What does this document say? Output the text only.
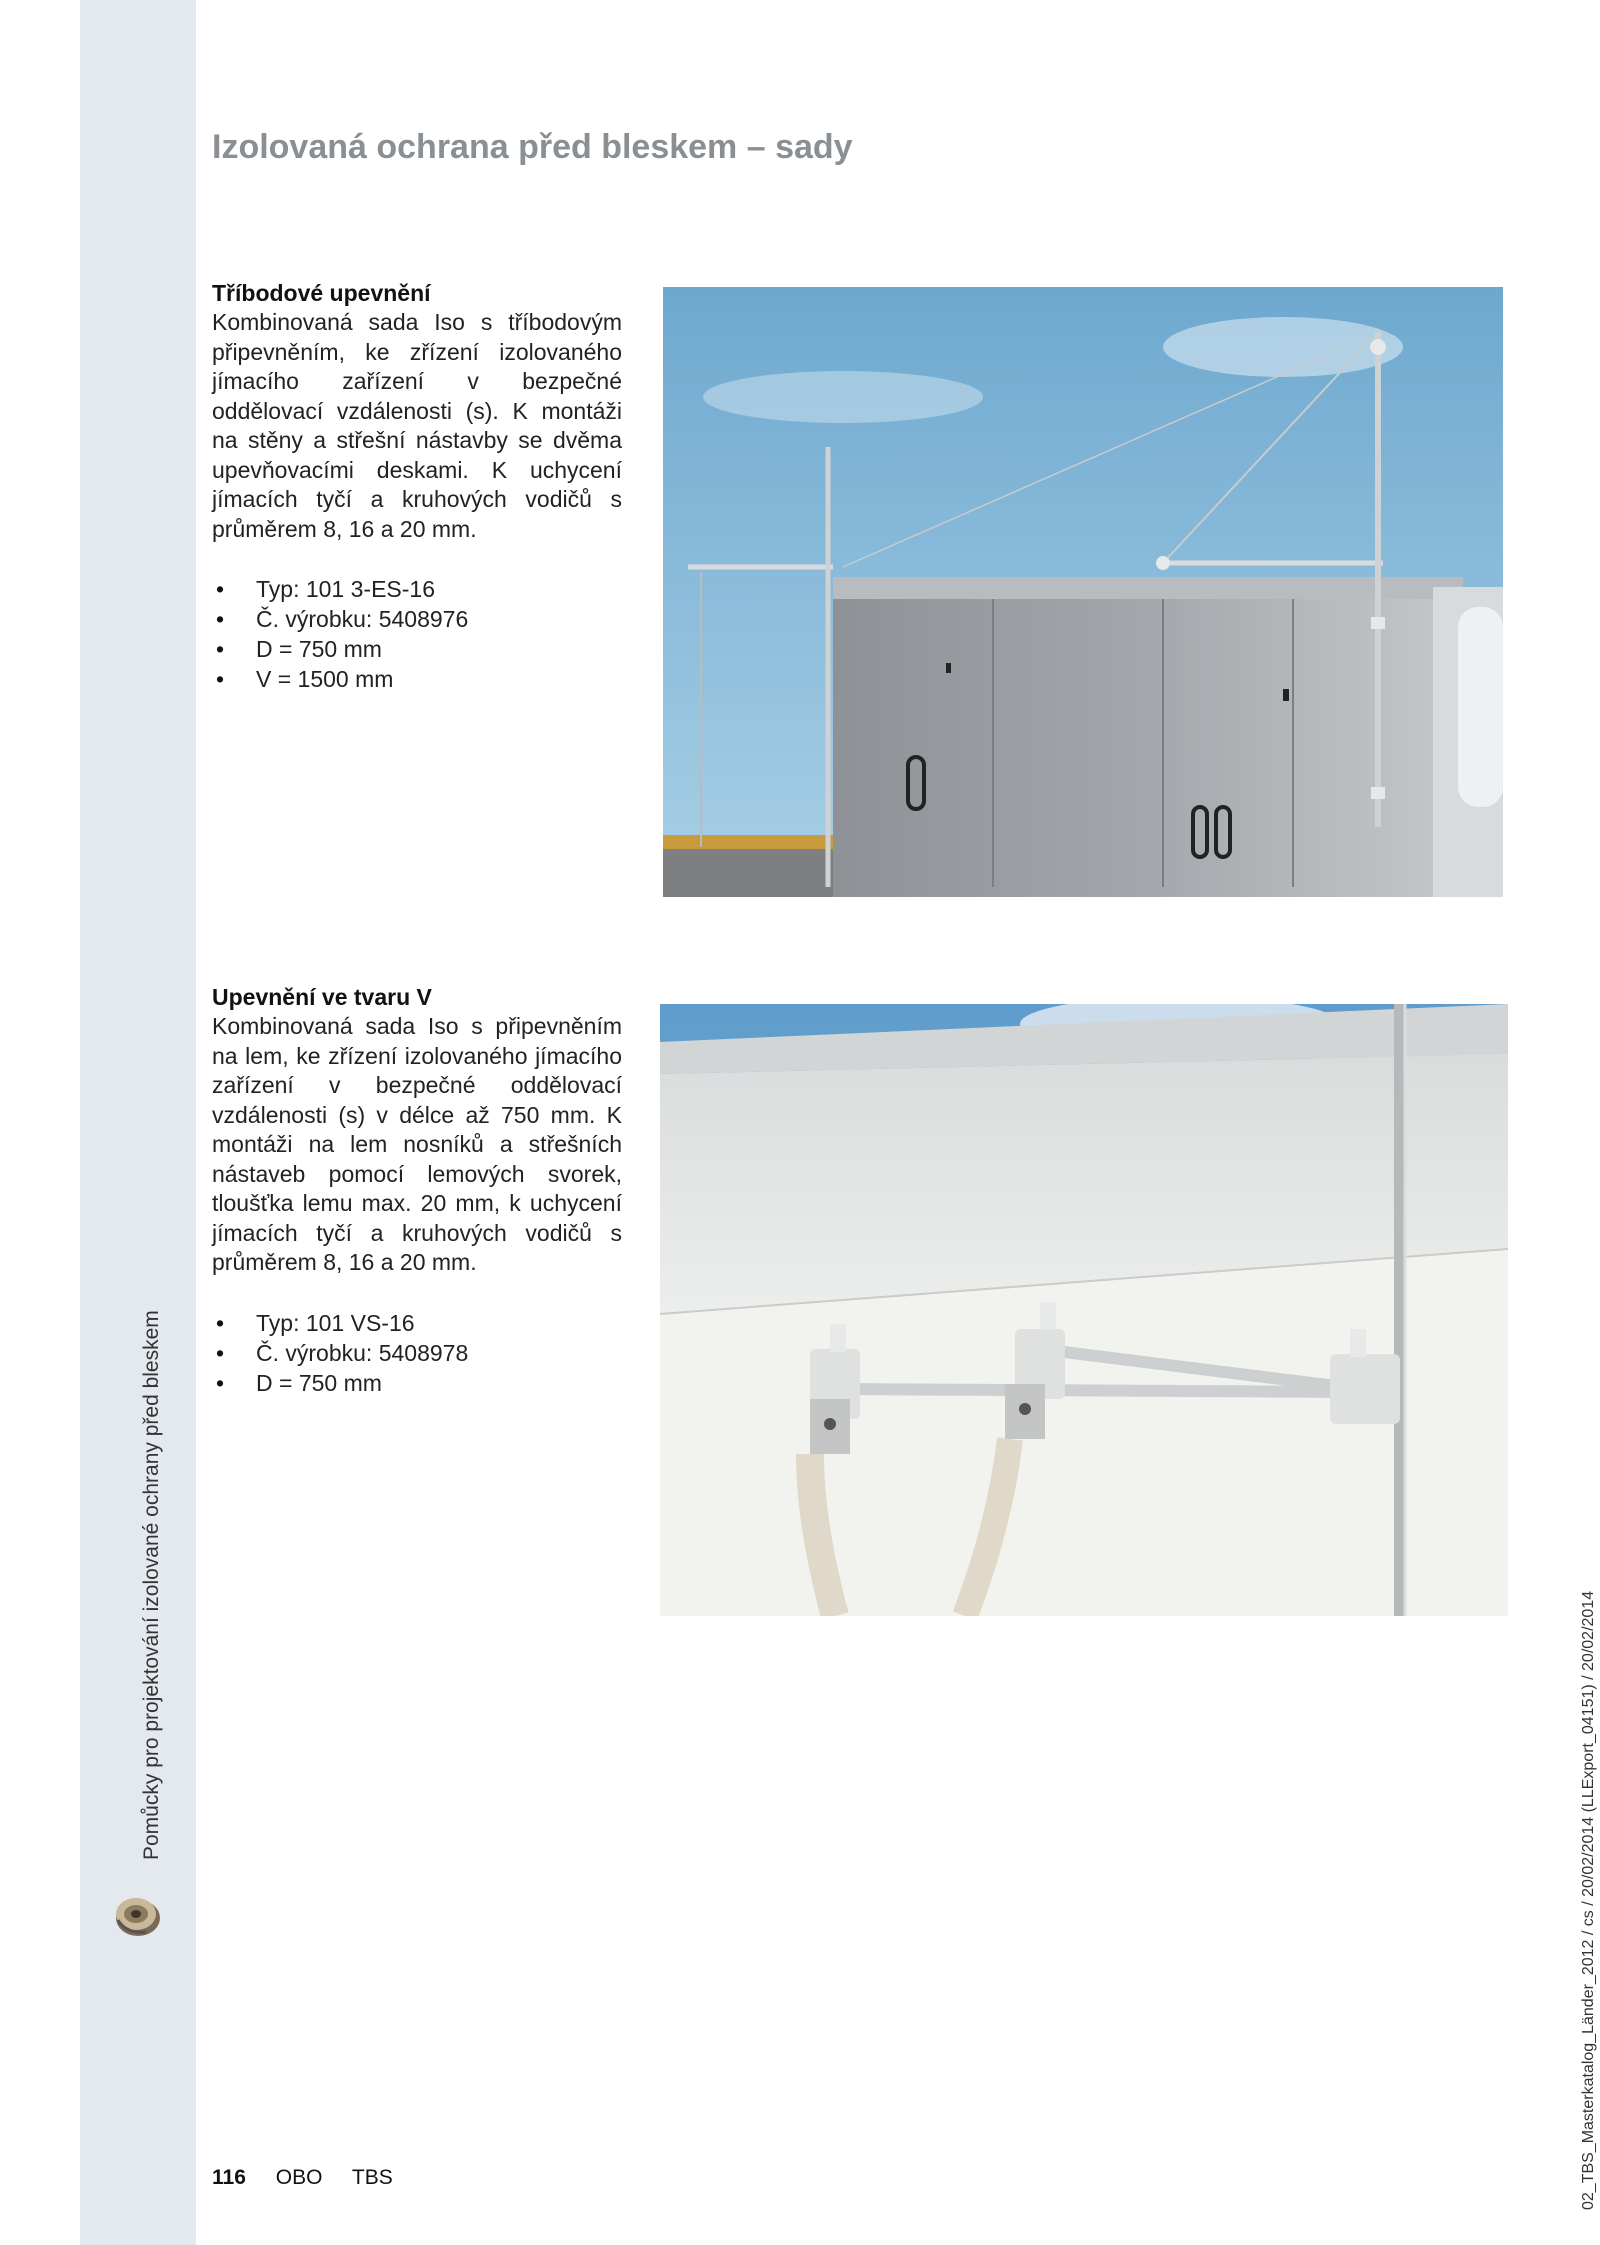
Pomůcky pro projektování izolované ochrany před bleskem
Izolovaná ochrana před bleskem – sady
Tříbodové upevnění

Kombinovaná sada Iso s tříbodovým připevněním, ke zřízení izolovaného jímacího zařízení v bezpečné oddělovací vzdálenosti (s). K montáži na stěny a střešní nástavby se dvěma upevňovacími deskami. K uchycení jímacích tyčí a kruhových vodičů s průměrem 8, 16 a 20 mm.

• Typ: 101 3-ES-16
• Č. výrobku: 5408976
• D = 750 mm
• V = 1500 mm
Upevnění ve tvaru V

Kombinovaná sada Iso s připevněním na lem, ke zřízení izolovaného jímacího zařízení v bezpečné oddělovací vzdálenosti (s) v délce až 750 mm. K montáži na lem nosníků a střešních nástaveb pomocí lemových svorek, tloušťka lemu max. 20 mm, k uchycení jímacích tyčí a kruhových vodičů s průměrem 8, 16 a 20 mm.

• Typ: 101 VS-16
• Č. výrobku: 5408978
• D = 750 mm
116 OBO TBS	02_TBS_Masterkatalog_Länder_2012 / cs / 20/02/2014 (LLExport_04151) / 20/02/2014
